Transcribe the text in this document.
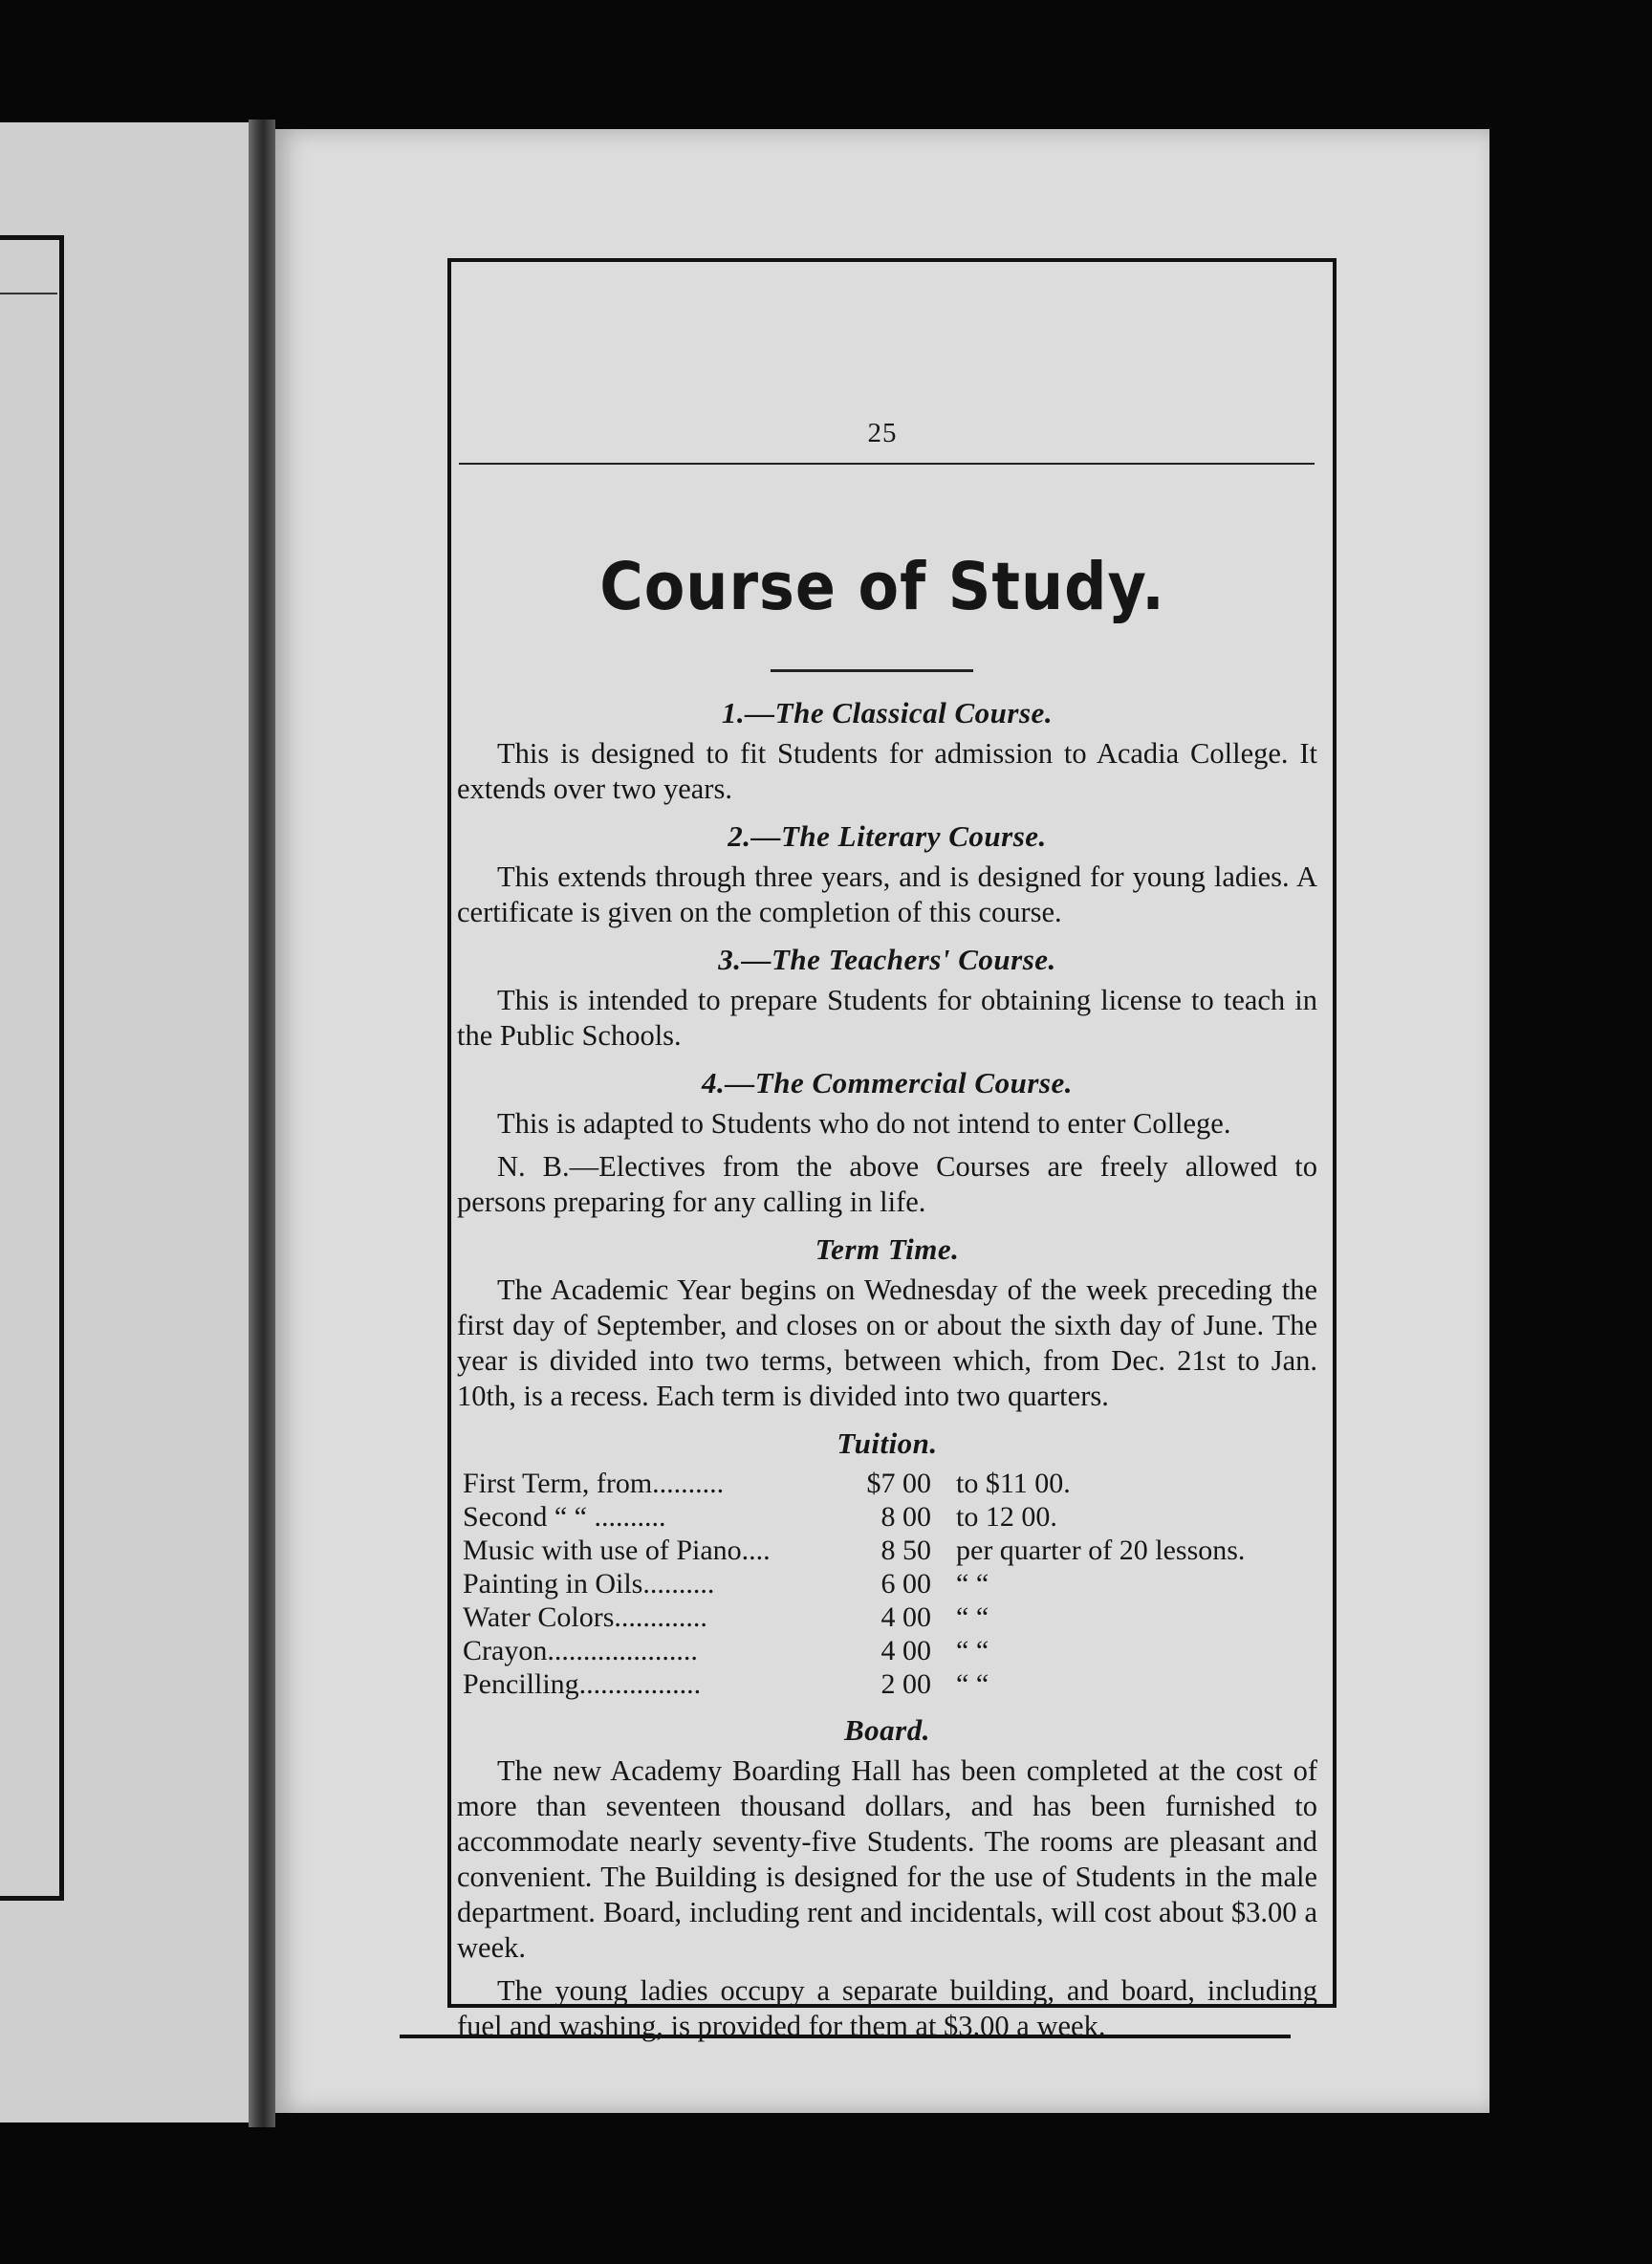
25
Course of Study.
1.—The Classical Course.

This is designed to fit Students for admission to Acadia College. It extends over two years.

2.—The Literary Course.

This extends through three years, and is designed for young ladies. A certificate is given on the completion of this course.

3.—The Teachers' Course.

This is intended to prepare Students for obtaining license to teach in the Public Schools.

4.—The Commercial Course.

This is adapted to Students who do not intend to enter College.

N. B.—Electives from the above Courses are freely allowed to persons preparing for any calling in life.

Term Time.

The Academic Year begins on Wednesday of the week preceding the first day of September, and closes on or about the sixth day of June. The year is divided into two terms, between which, from Dec. 21st to Jan. 10th, is a recess. Each term is divided into two quarters.

Tuition.
First Term, from..........	$7 00 to $11 00.
Second “ “ ..........	8 00 to 12 00.
Music with use of Piano....	8 50 per quarter of 20 lessons.
Painting in Oils..........	6 00 “ “
Water Colors.............	4 00 “ “
Crayon.....................	4 00 “ “
Pencilling.................	2 00 “ “
Board.

The new Academy Boarding Hall has been completed at the cost of more than seventeen thousand dollars, and has been furnished to accommodate nearly seventy-five Students. The rooms are pleasant and convenient. The Building is designed for the use of Students in the male department. Board, including rent and incidentals, will cost about $3.00 a week.

The young ladies occupy a separate building, and board, including fuel and washing, is provided for them at $3.00 a week.
